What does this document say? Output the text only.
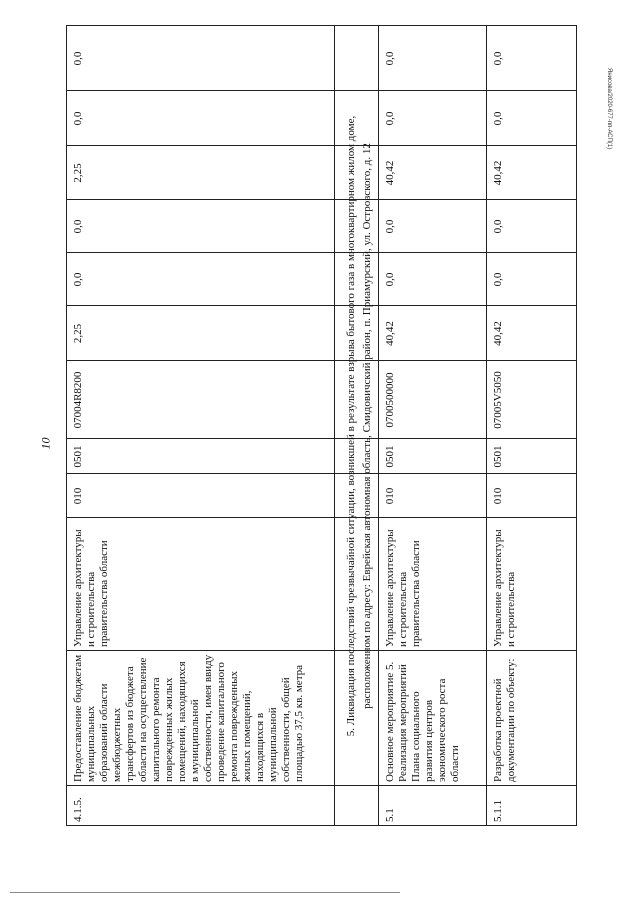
4.1.5.
Предоставление бюджетам муниципальных образований области межбюджетных трансфертов из бюджета области на осуществление капитального ремонта поврежденных жилых помещений, находящихся в муниципальной собственности, имея ввиду проведение капитального ремонта поврежденных жилых помещений, находящихся в муниципальной собственности, общей площадью 37,5 кв. метра
Управление архитектуры и строительства правительства области
010
0501
07004R8200
2,25
0,0
0,0
2,25
0,0
0,0
5. Ликвидация последствий чрезвычайной ситуации, возникшей в результате взрыва бытового газа в многоквартирном жилом доме, расположенном по адресу: Еврейская автономная область, Смидовичский район, п. Приамурский, ул. Островского, д. 12
5.1
Основное мероприятие 5. Реализация мероприятий Плана социального развития центров экономического роста области
Управление архитектуры и строительства правительства области
010
0501
0700500000
40,42
0,0
0,0
40,42
0,0
0,0
5.1.1
Разработка проектной документации по объекту:
Управление архитектуры и строительства
010
0501
07005V5050
40,42
0,0
0,0
40,42
0,0
0,0
10
Янисова/2020-677-пп-АСП(1)
